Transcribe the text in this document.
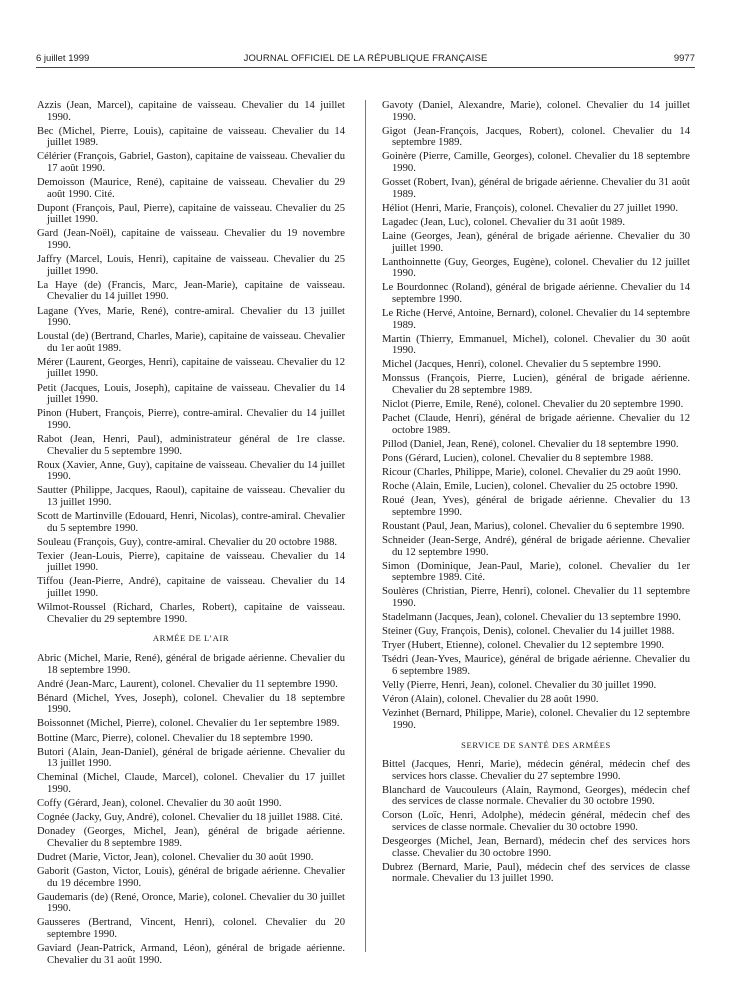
6 juillet 1999	JOURNAL OFFICIEL DE LA RÉPUBLIQUE FRANÇAISE	9977

Azzis (Jean, Marcel), capitaine de vaisseau. Chevalier du 14 juillet 1990.

Bec (Michel, Pierre, Louis), capitaine de vaisseau. Chevalier du 14 juillet 1989.

Célérier (François, Gabriel, Gaston), capitaine de vaisseau. Chevalier du 17 août 1990.

Demoisson (Maurice, René), capitaine de vaisseau. Chevalier du 29 août 1990. Cité.

Dupont (François, Paul, Pierre), capitaine de vaisseau. Chevalier du 25 juillet 1990.

Gard (Jean-Noël), capitaine de vaisseau. Chevalier du 19 novembre 1990.

Jaffry (Marcel, Louis, Henri), capitaine de vaisseau. Chevalier du 25 juillet 1990.

La Haye (de) (Francis, Marc, Jean-Marie), capitaine de vaisseau. Chevalier du 14 juillet 1990.

Lagane (Yves, Marie, René), contre-amiral. Chevalier du 13 juillet 1990.

Loustal (de) (Bertrand, Charles, Marie), capitaine de vaisseau. Chevalier du 1er août 1989.

Mérer (Laurent, Georges, Henri), capitaine de vaisseau. Chevalier du 12 juillet 1990.

Petit (Jacques, Louis, Joseph), capitaine de vaisseau. Chevalier du 14 juillet 1990.

Pinon (Hubert, François, Pierre), contre-amiral. Chevalier du 14 juillet 1990.

Rabot (Jean, Henri, Paul), administrateur général de 1re classe. Chevalier du 5 septembre 1990.

Roux (Xavier, Anne, Guy), capitaine de vaisseau. Chevalier du 14 juillet 1990.

Sautter (Philippe, Jacques, Raoul), capitaine de vaisseau. Chevalier du 13 juillet 1990.

Scott de Martinville (Edouard, Henri, Nicolas), contre-amiral. Chevalier du 5 septembre 1990.

Souleau (François, Guy), contre-amiral. Chevalier du 20 octobre 1988.

Texier (Jean-Louis, Pierre), capitaine de vaisseau. Chevalier du 14 juillet 1990.

Tiffou (Jean-Pierre, André), capitaine de vaisseau. Chevalier du 14 juillet 1990.

Wilmot-Roussel (Richard, Charles, Robert), capitaine de vaisseau. Chevalier du 29 septembre 1990.

ARMÉE DE L’AIR

Abric (Michel, Marie, René), général de brigade aérienne. Chevalier du 18 septembre 1990.

André (Jean-Marc, Laurent), colonel. Chevalier du 11 septembre 1990.

Bénard (Michel, Yves, Joseph), colonel. Chevalier du 18 septembre 1990.

Boissonnet (Michel, Pierre), colonel. Chevalier du 1er septembre 1989.

Bottine (Marc, Pierre), colonel. Chevalier du 18 septembre 1990.

Butori (Alain, Jean-Daniel), général de brigade aérienne. Chevalier du 13 juillet 1990.

Cheminal (Michel, Claude, Marcel), colonel. Chevalier du 17 juillet 1990.

Coffy (Gérard, Jean), colonel. Chevalier du 30 août 1990.

Cognée (Jacky, Guy, André), colonel. Chevalier du 18 juillet 1988. Cité.

Donadey (Georges, Michel, Jean), général de brigade aérienne. Chevalier du 8 septembre 1989.

Dudret (Marie, Victor, Jean), colonel. Chevalier du 30 août 1990.

Gaborit (Gaston, Victor, Louis), général de brigade aérienne. Chevalier du 19 décembre 1990.

Gaudemaris (de) (René, Oronce, Marie), colonel. Chevalier du 30 juillet 1990.

Gausseres (Bertrand, Vincent, Henri), colonel. Chevalier du 20 septembre 1990.

Gaviard (Jean-Patrick, Armand, Léon), général de brigade aérienne. Chevalier du 31 août 1990.

Gavoty (Daniel, Alexandre, Marie), colonel. Chevalier du 14 juillet 1990.

Gigot (Jean-François, Jacques, Robert), colonel. Chevalier du 14 septembre 1989.

Goinère (Pierre, Camille, Georges), colonel. Chevalier du 18 septembre 1990.

Gosset (Robert, Ivan), général de brigade aérienne. Chevalier du 31 août 1989.

Héliot (Henri, Marie, François), colonel. Chevalier du 27 juillet 1990.

Lagadec (Jean, Luc), colonel. Chevalier du 31 août 1989.

Laine (Georges, Jean), général de brigade aérienne. Chevalier du 30 juillet 1990.

Lanthoinnette (Guy, Georges, Eugène), colonel. Chevalier du 12 juillet 1990.

Le Bourdonnec (Roland), général de brigade aérienne. Chevalier du 14 septembre 1990.

Le Riche (Hervé, Antoine, Bernard), colonel. Chevalier du 14 septembre 1989.

Martin (Thierry, Emmanuel, Michel), colonel. Chevalier du 30 août 1990.

Michel (Jacques, Henri), colonel. Chevalier du 5 septembre 1990.

Monssus (François, Pierre, Lucien), général de brigade aérienne. Chevalier du 28 septembre 1989.

Niclot (Pierre, Emile, René), colonel. Chevalier du 20 septembre 1990.

Pachet (Claude, Henri), général de brigade aérienne. Chevalier du 12 octobre 1989.

Pillod (Daniel, Jean, René), colonel. Chevalier du 18 septembre 1990.

Pons (Gérard, Lucien), colonel. Chevalier du 8 septembre 1988.

Ricour (Charles, Philippe, Marie), colonel. Chevalier du 29 août 1990.

Roche (Alain, Emile, Lucien), colonel. Chevalier du 25 octobre 1990.

Roué (Jean, Yves), général de brigade aérienne. Chevalier du 13 septembre 1990.

Roustant (Paul, Jean, Marius), colonel. Chevalier du 6 septembre 1990.

Schneider (Jean-Serge, André), général de brigade aérienne. Chevalier du 12 septembre 1990.

Simon (Dominique, Jean-Paul, Marie), colonel. Chevalier du 1er septembre 1989. Cité.

Soulères (Christian, Pierre, Henri), colonel. Chevalier du 11 septembre 1990.

Stadelmann (Jacques, Jean), colonel. Chevalier du 13 septembre 1990.

Steiner (Guy, François, Denis), colonel. Chevalier du 14 juillet 1988.

Tryer (Hubert, Etienne), colonel. Chevalier du 12 septembre 1990.

Tsédri (Jean-Yves, Maurice), général de brigade aérienne. Chevalier du 6 septembre 1989.

Velly (Pierre, Henri, Jean), colonel. Chevalier du 30 juillet 1990.

Véron (Alain), colonel. Chevalier du 28 août 1990.

Vezinhet (Bernard, Philippe, Marie), colonel. Chevalier du 12 septembre 1990.

SERVICE DE SANTÉ DES ARMÉES

Bittel (Jacques, Henri, Marie), médecin général, médecin chef des services hors classe. Chevalier du 27 septembre 1990.

Blanchard de Vaucouleurs (Alain, Raymond, Georges), médecin chef des services de classe normale. Chevalier du 30 octobre 1990.

Corson (Loïc, Henri, Adolphe), médecin général, médecin chef des services de classe normale. Chevalier du 30 octobre 1990.

Desgeorges (Michel, Jean, Bernard), médecin chef des services hors classe. Chevalier du 30 octobre 1990.

Dubrez (Bernard, Marie, Paul), médecin chef des services de classe normale. Chevalier du 13 juillet 1990.
